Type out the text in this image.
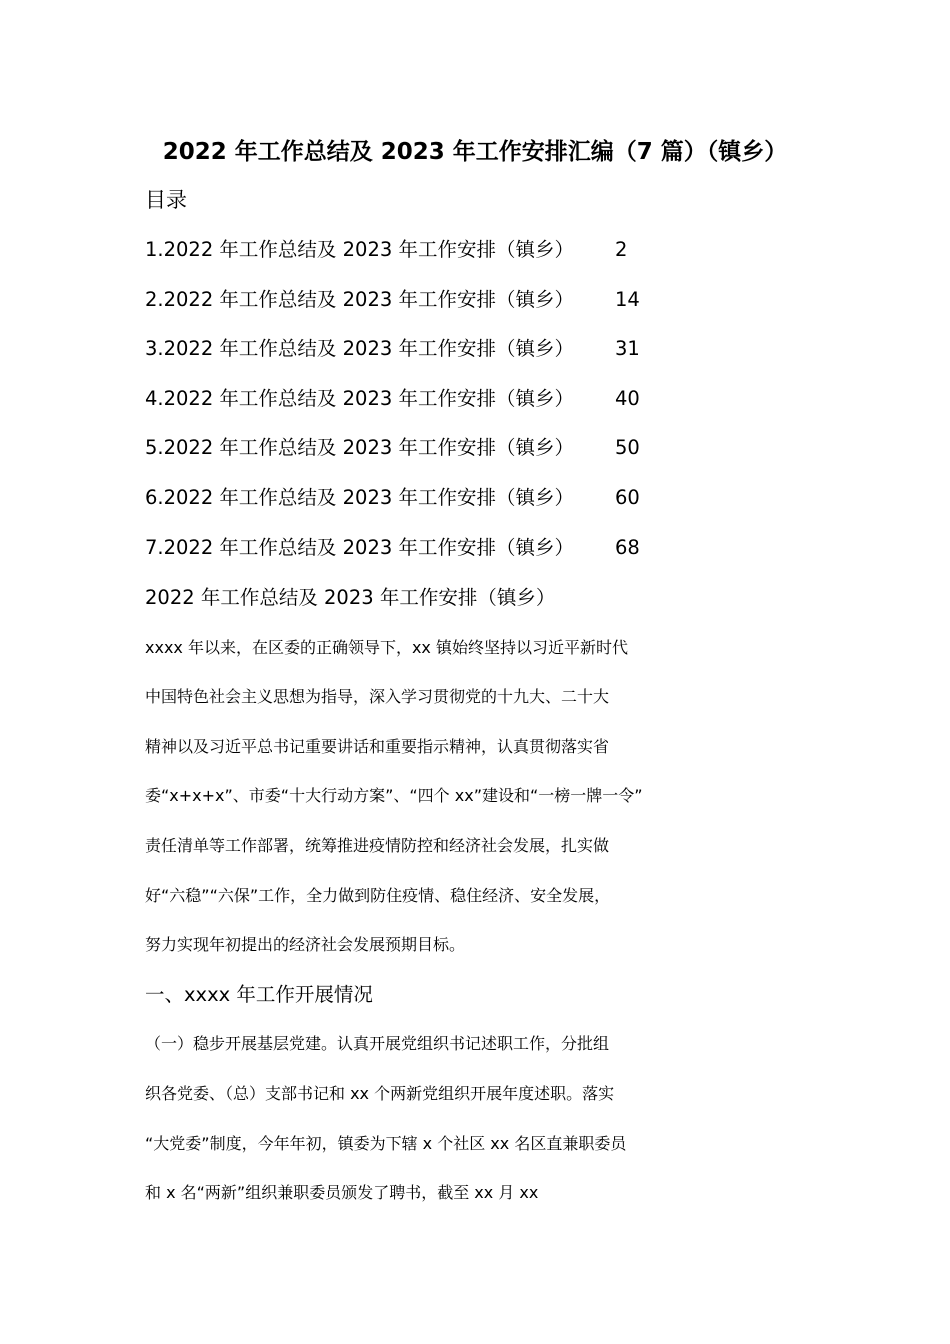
2022 年工作总结及 2023 年工作安排汇编（7 篇）（镇乡）
目录
1.2022 年工作总结及 2023 年工作安排（镇乡） 2
2.2022 年工作总结及 2023 年工作安排（镇乡） 14
3.2022 年工作总结及 2023 年工作安排（镇乡） 31
4.2022 年工作总结及 2023 年工作安排（镇乡） 40
5.2022 年工作总结及 2023 年工作安排（镇乡） 50
6.2022 年工作总结及 2023 年工作安排（镇乡） 60
7.2022 年工作总结及 2023 年工作安排（镇乡） 68
2022 年工作总结及 2023 年工作安排（镇乡）
xxxx 年以来，在区委的正确领导下，xx 镇始终坚持以习近平新时代
中国特色社会主义思想为指导，深入学习贯彻党的十九大、二十大
精神以及习近平总书记重要讲话和重要指示精神，认真贯彻落实省
委“x+x+x”、市委“十大行动方案”、“四个 xx”建设和“一榜一牌一令”
责任清单等工作部署，统筹推进疫情防控和经济社会发展，扎实做
好“六稳”“六保”工作，全力做到防住疫情、稳住经济、安全发展，
努力实现年初提出的经济社会发展预期目标。
一、xxxx 年工作开展情况
（一）稳步开展基层党建。认真开展党组织书记述职工作，分批组
织各党委、（总）支部书记和 xx 个两新党组织开展年度述职。落实
“大党委”制度，今年年初，镇委为下辖 x 个社区 xx 名区直兼职委员
和 x 名“两新”组织兼职委员颁发了聘书，截至 xx 月 xx
